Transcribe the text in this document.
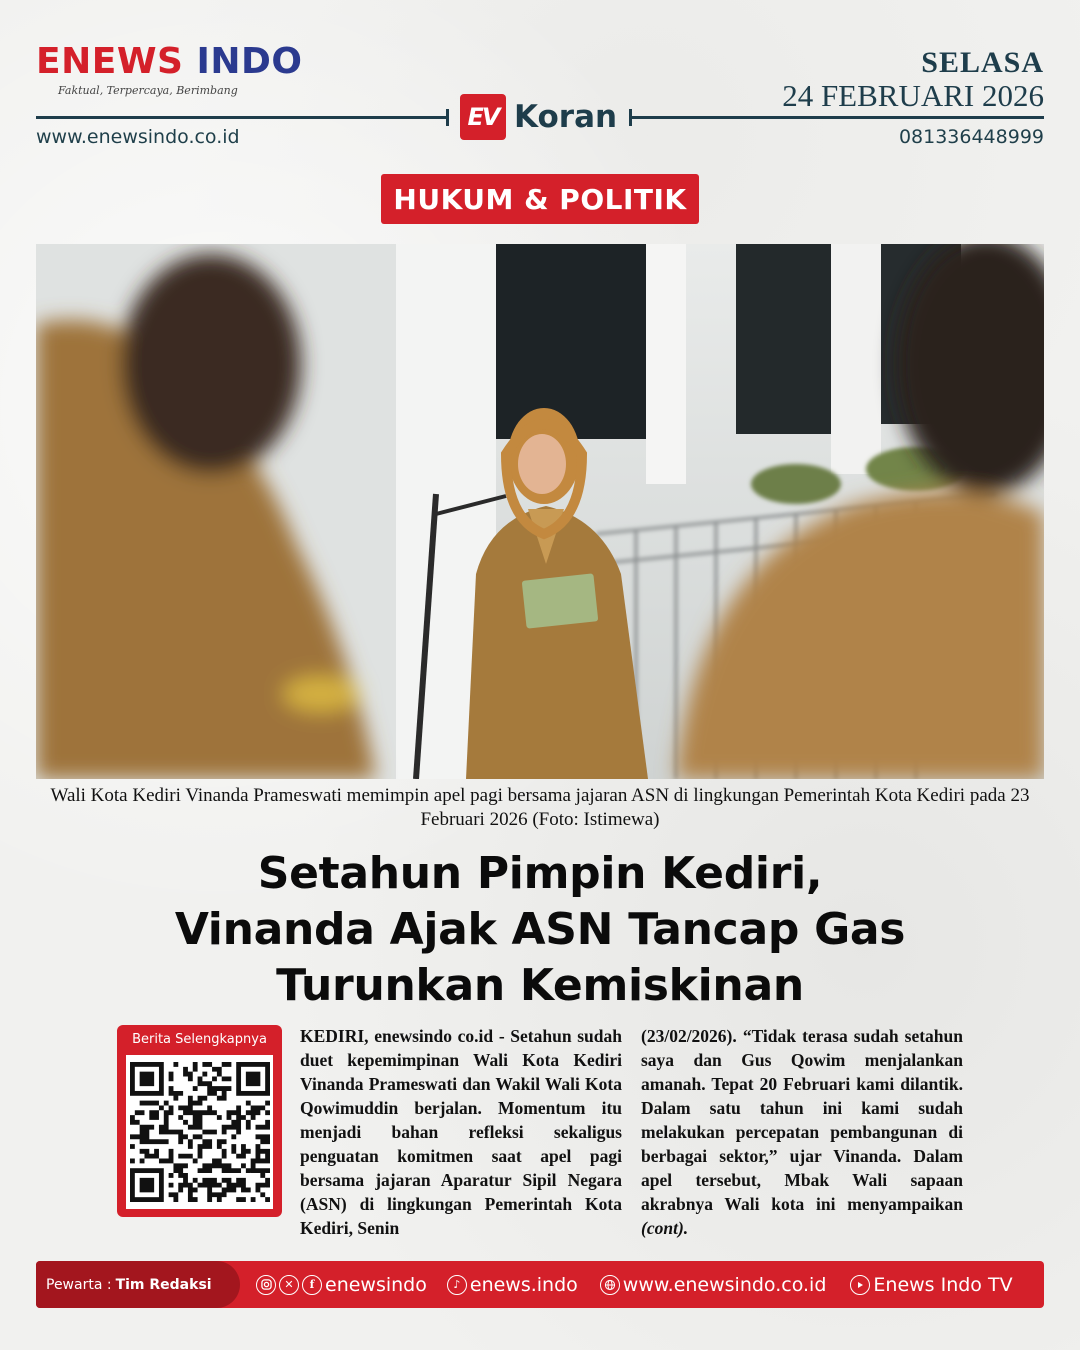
ENEWS INDO
Faktual, Terpercaya, Berimbang
SELASA
24 FEBRUARI 2026
EV Koran
www.enewsindo.co.id	081336448999
HUKUM & POLITIK
Wali Kota Kediri Vinanda Prameswati memimpin apel pagi bersama jajaran ASN di lingkungan Pemerintah Kota Kediri pada 23 Februari 2026 (Foto: Istimewa)
Setahun Pimpin Kediri,
Vinanda Ajak ASN Tancap Gas
Turunkan Kemiskinan
Berita Selengkapnya	KEDIRI, enewsindo co.id - Setahun sudah duet kepemimpinan Wali Kota Kediri Vinanda Prameswati dan Wakil Wali Kota Qowimuddin berjalan. Momentum itu menjadi bahan refleksi sekaligus penguatan komitmen saat apel pagi bersama jajaran Aparatur Sipil Negara (ASN) di lingkungan Pemerintah Kota Kediri, Senin
(23/02/2026). “Tidak terasa sudah setahun saya dan Gus Qowim menjalankan amanah. Tepat 20 Februari kami dilantik. Dalam satu tahun ini kami sudah melakukan percepatan pembangunan di berbagai sektor,” ujar Vinanda. Dalam apel tersebut, Mbak Wali sapaan akrabnya Wali kota ini menyampaikan (cont).
Pewarta : Tim Redaksi	✕	f enewsindo	♪ enews.indo www.enewsindo.co.id Enews Indo TV
